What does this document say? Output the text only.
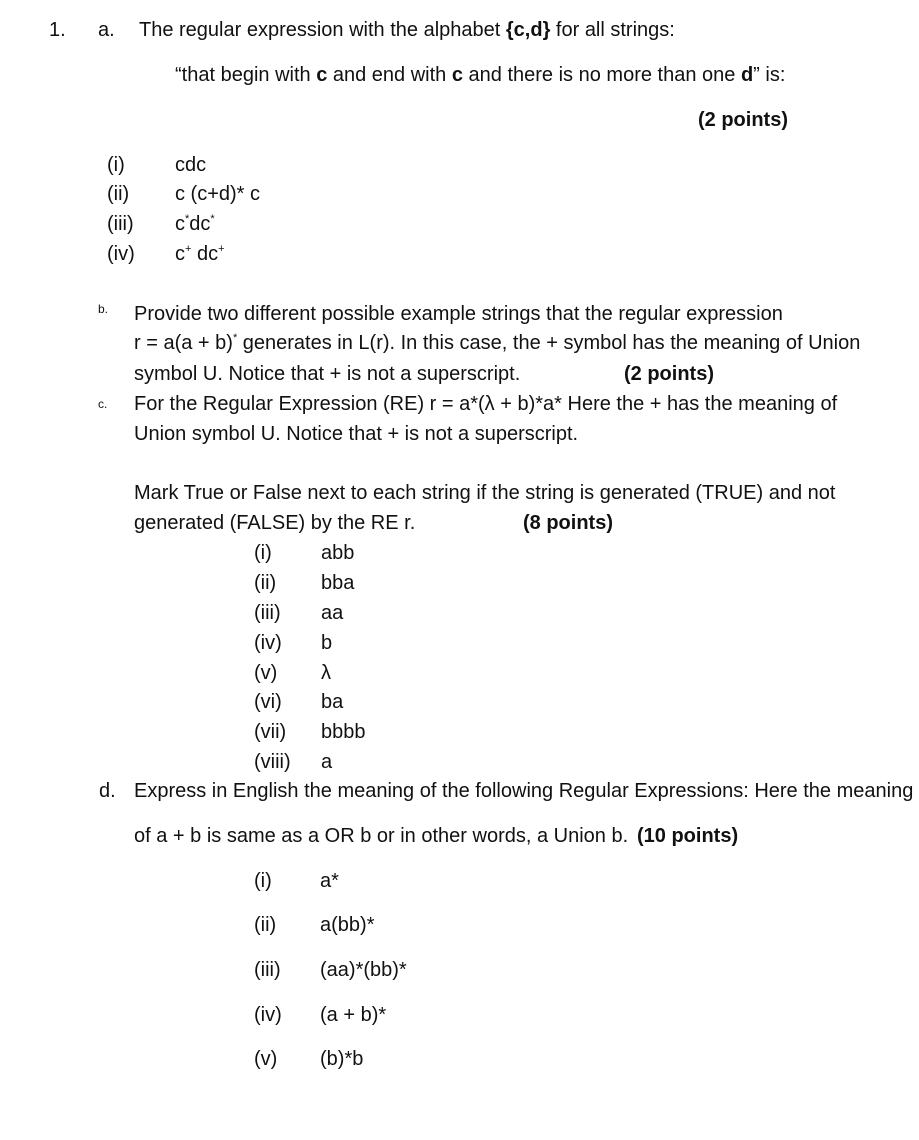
1. a. The regular expression with the alphabet {c,d} for all strings:
“that begin with c and end with c and there is no more than one d” is:
(2 points)
(i)	cdc
(ii) c (c+d)* c
(iii) c*dc*
(iv) c+ dc+
b. Provide two different possible example strings that the regular expression
r = a(a + b)* generates in L(r). In this case, the + symbol has the meaning of Union
symbol U. Notice that + is not a superscript.	(2 points)
c. For the Regular Expression (RE) r = a*(λ + b)*a* Here the + has the meaning of
Union symbol U. Notice that + is not a superscript.
Mark True or False next to each string if the string is generated (TRUE) and not
generated (FALSE) by the RE r.	(8 points)
(i) abb
(ii) bba
(iii) aa
(iv) b
(v) λ
(vi) ba
(vii) bbbb
(viii) a
d. Express in English the meaning of the following Regular Expressions: Here the meaning
of a + b is same as a OR b or in other words, a Union b. (10 points)
(i) a*
(ii) a(bb)*
(iii) (aa)*(bb)*
(iv) (a + b)*
(v) (b)*b
